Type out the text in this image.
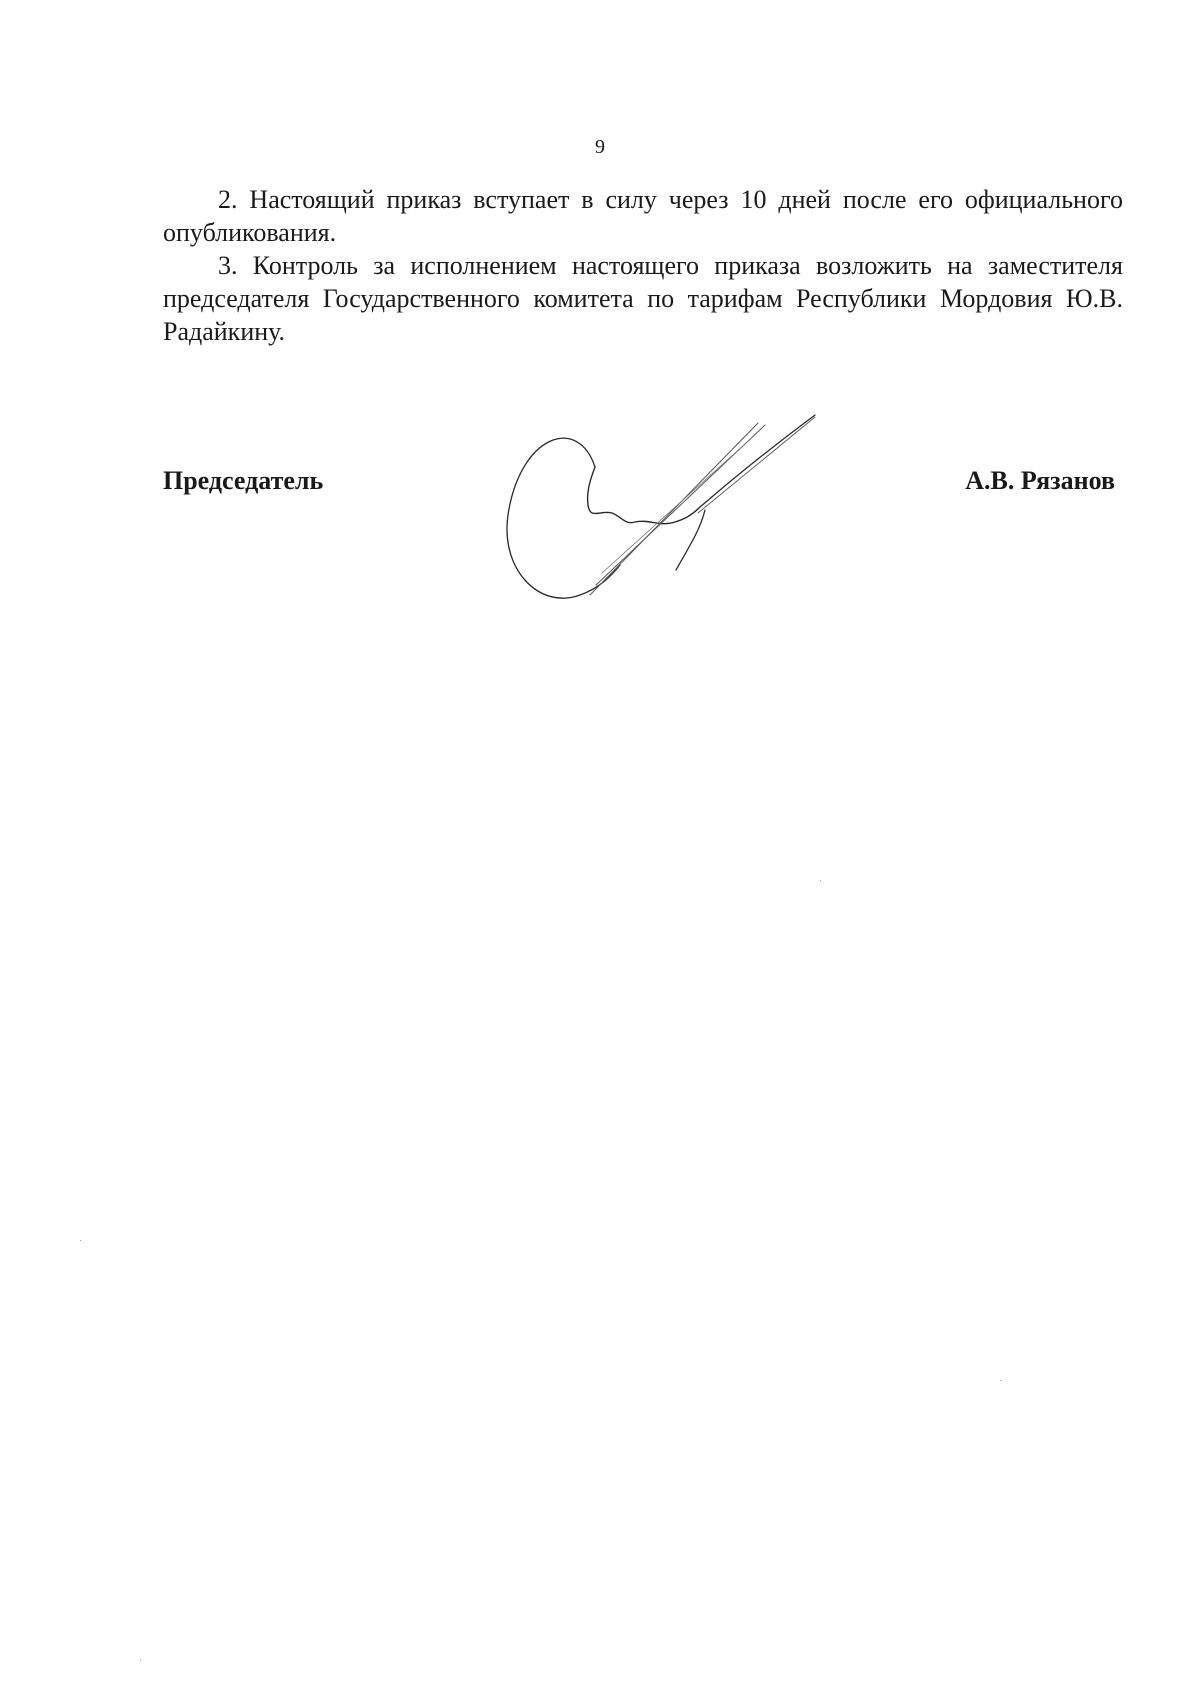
9

2. Настоящий приказ вступает в силу через 10 дней после его официального опубликования.

3. Контроль за исполнением настоящего приказа возложить на заместителя председателя Государственного комитета по тарифам Республики Мордовия Ю.В. Радайкину.

Председатель	А.В. Рязанов
